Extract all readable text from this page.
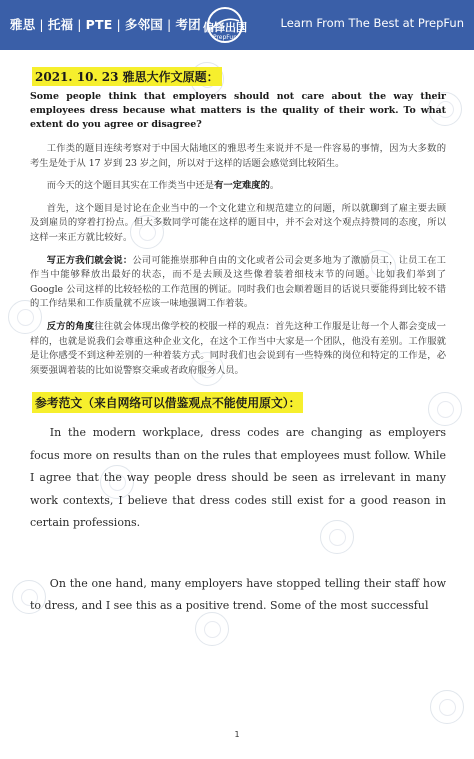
雅思 | 托福 | PTE | 多邻国 | 考团 偏锋出国
PrepFun
Learn From The Best at PrepFun
2021. 10. 23 雅思大作文原题：

Some people think that employers should not care about the way their employees dress because what matters is the quality of their work. To what extent do you agree or disagree?

工作类的题目连续考察对于中国大陆地区的雅思考生来说并不是一件容易的事情，因为大多数的考生是处于从 17 岁到 23 岁之间，所以对于这样的话题会感觉到比较陌生。

而今天的这个题目其实在工作类当中还是有一定难度的。

首先，这个题目是讨论在企业当中的一个文化建立和规范建立的问题，所以就聊到了雇主要去顾及到雇员的穿着打扮点。但大多数同学可能在这样的题目中，并不会对这个观点持赞同的态度，所以这样一来正方就比较好。

写正方我们就会说：公司可能推崇那种自由的文化或者公司会更多地为了激励员工，让员工在工作当中能够释放出最好的状态，而不是去顾及这些像着装着细枝末节的问题。比如我们举到了 Google 公司这样的比较轻松的工作范围的例证。同时我们也会顺着题目的话说只要能得到比较不错的工作结果和工作质量就不应该一味地强调工作着装。

反方的角度往往就会体现出像学校的校服一样的观点：首先这种工作服是让每一个人都会变成一样的，也就是说我们会尊重这种企业文化，在这个工作当中大家是一个团队，他没有差别。工作服就是让你感受不到这种差别的一种着装方式。同时我们也会说到有一些特殊的岗位和特定的工作是，必须要强调着装的比如说警察交乘或者政府服务人员。

参考范文（来自网络可以借鉴观点不能使用原文）：

In the modern workplace, dress codes are changing as employers focus more on results than on the rules that employees must follow. While I agree that the way people dress should be seen as irrelevant in many work contexts, I believe that dress codes still exist for a good reason in certain professions.

On the one hand, many employers have stopped telling their staff how to dress, and I see this as a positive trend. Some of the most successful

1
